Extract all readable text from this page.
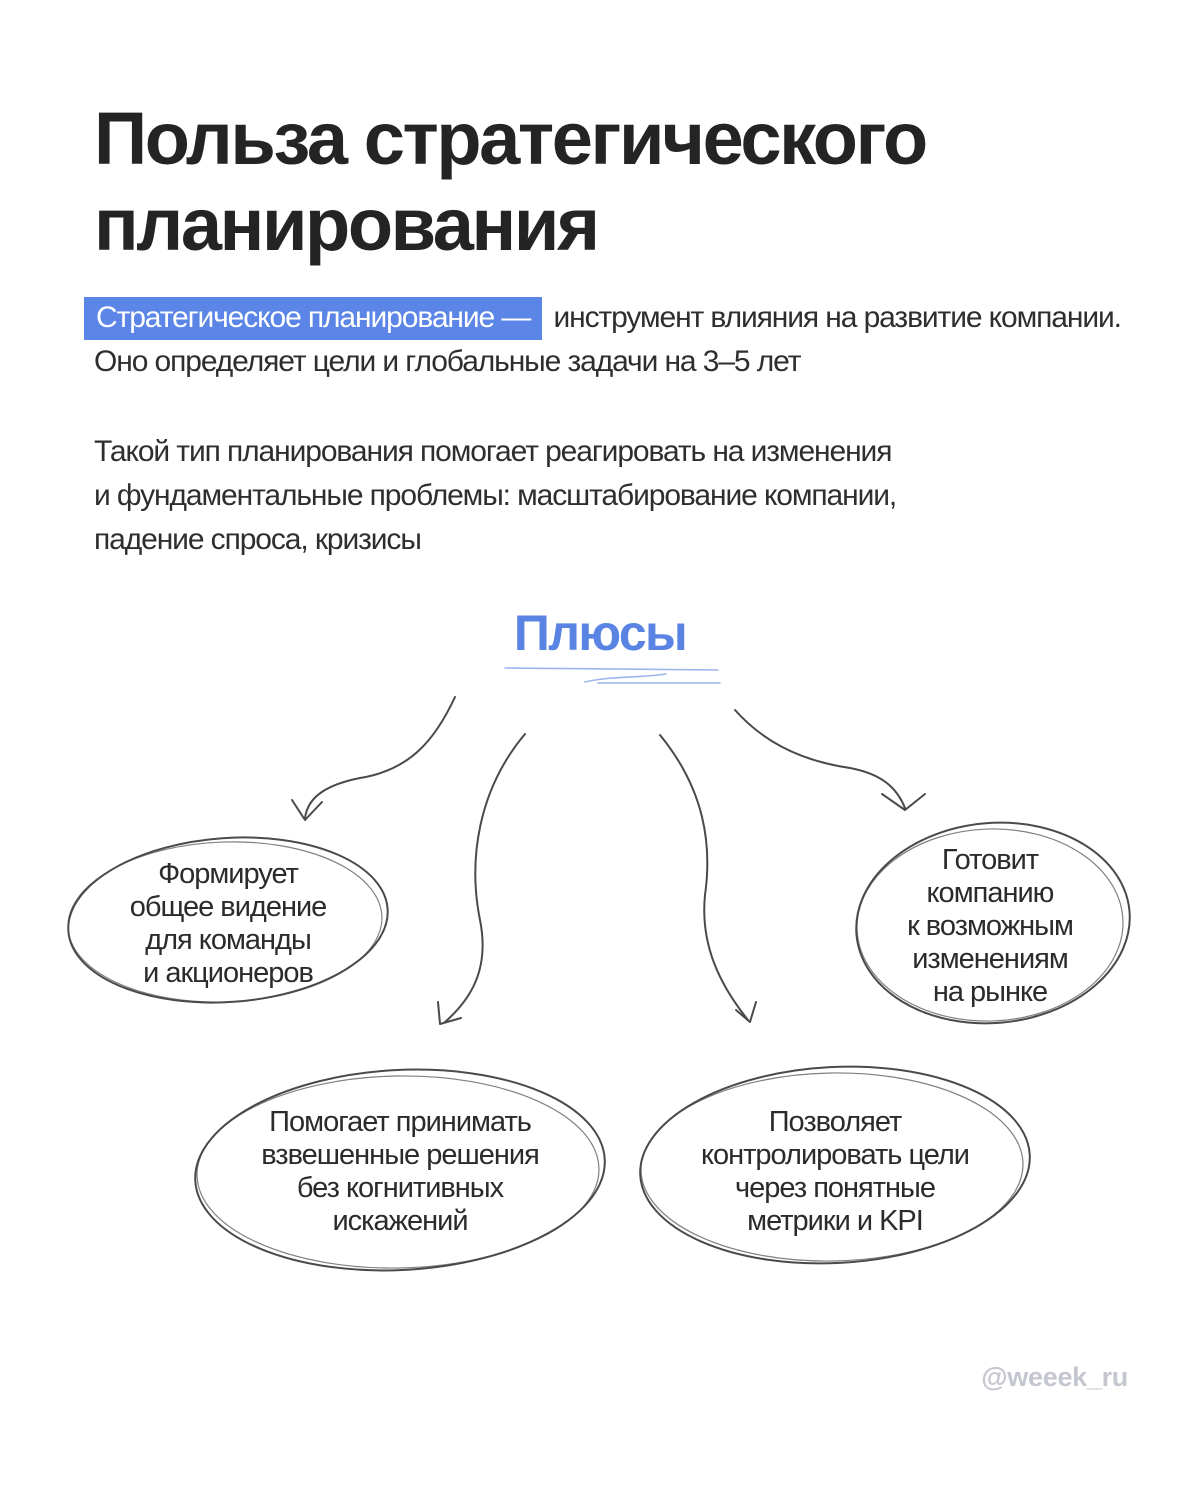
Польза стратегического
планирования

Стратегическое планирование — инструмент влияния на развитие компании. Оно определяет цели и глобальные задачи на 3–5 лет

Такой тип планирования помогает реагировать на изменения
и фундаментальные проблемы: масштабирование компании,
падение спроса, кризисы

Плюсы
Формирует
общее видение
для команды
и акционеров
Помогает принимать
взвешенные решения
без когнитивных
искажений
Позволяет
контролировать цели
через понятные
метрики и KPI
Готовит
компанию
к возможным
изменениям
на рынке
@weeek_ru
